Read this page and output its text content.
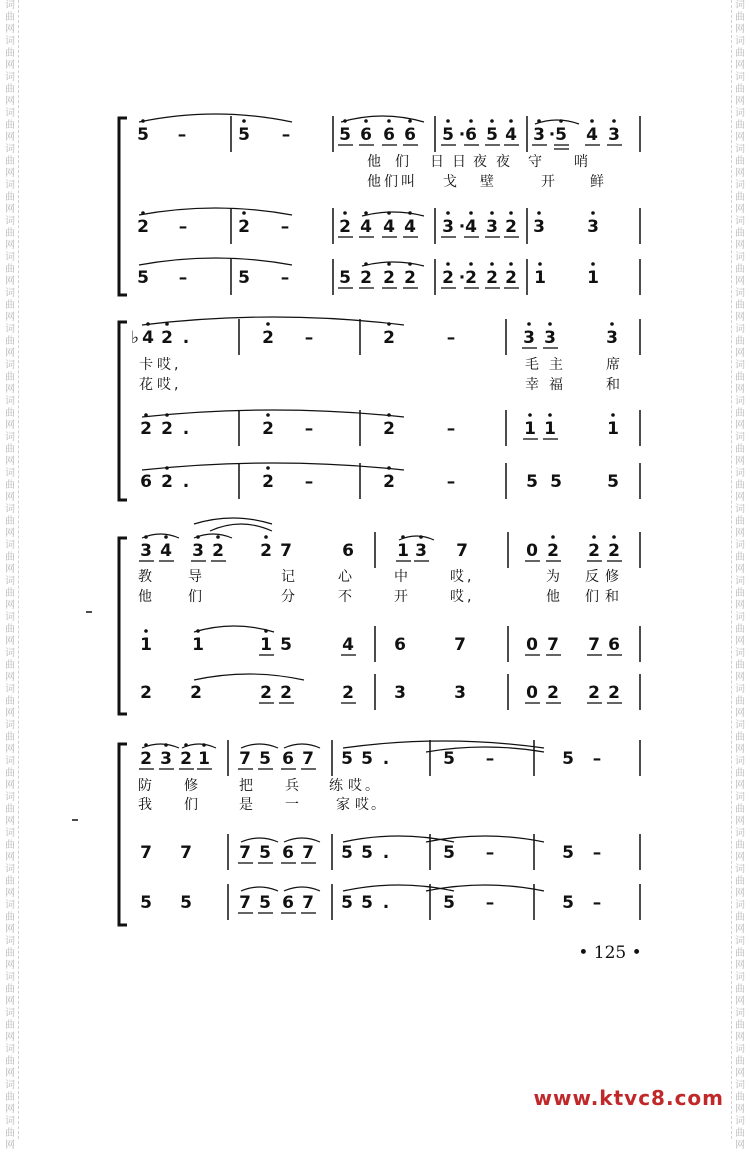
词曲网词曲网词曲网词曲网词曲网词曲网词曲网词曲网词曲网词曲网词曲网词曲网词曲网词曲网词曲网词曲网词曲网词曲网词曲网词曲网词曲网词曲网词曲网词曲网词曲网词曲网词曲网词曲网词曲网词曲网词曲网词曲网
词曲网词曲网词曲网词曲网词曲网词曲网词曲网词曲网词曲网词曲网词曲网词曲网词曲网词曲网词曲网词曲网词曲网词曲网词曲网词曲网词曲网词曲网词曲网词曲网词曲网词曲网词曲网词曲网词曲网词曲网词曲网词曲网
5 –	5 –	5 6 6 6 5 · 6 5 4 3 · 5 4 3
他 们 日 日 夜 夜 守 哨
他 们 叫 戈 壁	开	鲜
2 –	2 –	2 4 4 4 3 · 4 3 2 3 3
5 –	5 –	5 2 2 2 2 · 2 2 2 1 1
♭ 4 2 .	2 –	2	–	3 3	3
卡 哎 ,	毛 主	席
花 哎 ,	幸 福	和
2 2 .	2 –	2	–	1 1	1
6 2 .	2 –	2	–	5 5	5
3 4 3 2 2 7	6	1 3 7	0 2 2 2
教	导	记	心	中	哎 ,	为 反 修
他	们	分	不	开	哎 ,	他 们 和
1 1	1 5	4 6	7	0 7 7 6
2 2	2 2	2 3	3	0 2 2 2
2 3 2 1 7 5 6 7 5 5 .	5 –	5 –
防 修	把 兵 练 哎 。
我 们	是 一	家 哎 。
7 7	7 5 6 7 5 5 .	5 –	5 –
5 5	7 5 6 7 5 5 .	5 –	5 –
• 125 •
www.ktvc8.com
